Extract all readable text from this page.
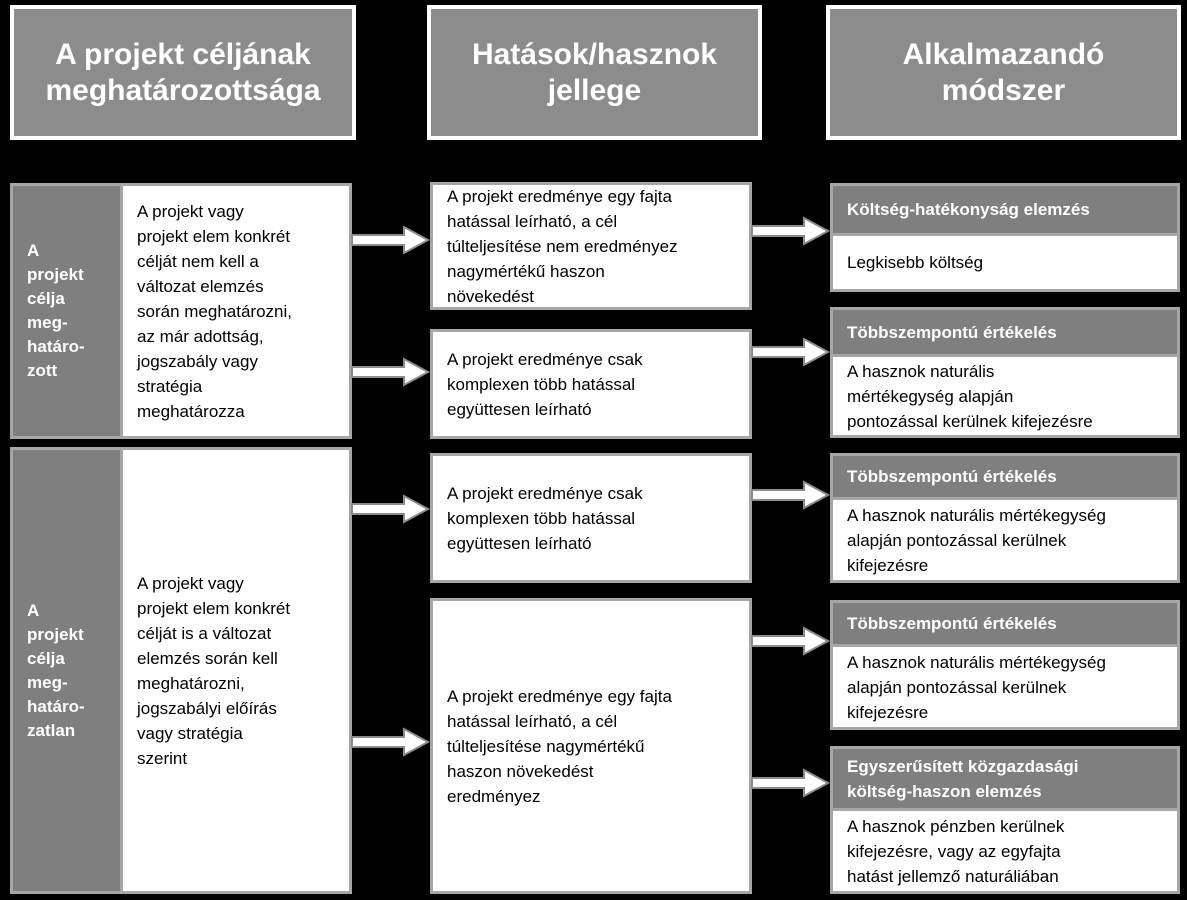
A projekt céljának
meghatározottsága
Hatások/hasznok
jellege
Alkalmazandó
módszer
A
projekt
célja
meg-
határo-
zott
A projekt vagy
projekt elem konkrét
célját nem kell a
változat elemzés
során meghatározni,
az már adottság,
jogszabály vagy
stratégia
meghatározza
A
projekt
célja
meg-
határo-
zatlan
A projekt vagy
projekt elem konkrét
célját is a változat
elemzés során kell
meghatározni,
jogszabályi előírás
vagy stratégia
szerint
A projekt eredménye egy fajta
hatással leírható, a cél
túlteljesítése nem eredményez
nagymértékű haszon
növekedést
A projekt eredménye csak
komplexen több hatással
együttesen leírható
A projekt eredménye csak
komplexen több hatással
együttesen leírható
A projekt eredménye egy fajta
hatással leírható, a cél
túlteljesítése nagymértékű
haszon növekedést
eredményez
Költség-hatékonyság elemzés
Legkisebb költség
Többszempontú értékelés
A hasznok naturális
mértékegység alapján
pontozással kerülnek kifejezésre
Többszempontú értékelés
A hasznok naturális mértékegység
alapján pontozással kerülnek
kifejezésre
Többszempontú értékelés
A hasznok naturális mértékegység
alapján pontozással kerülnek
kifejezésre
Egyszerűsített közgazdasági
költség-haszon elemzés
A hasznok pénzben kerülnek
kifejezésre, vagy az egyfajta
hatást jellemző naturáliában
